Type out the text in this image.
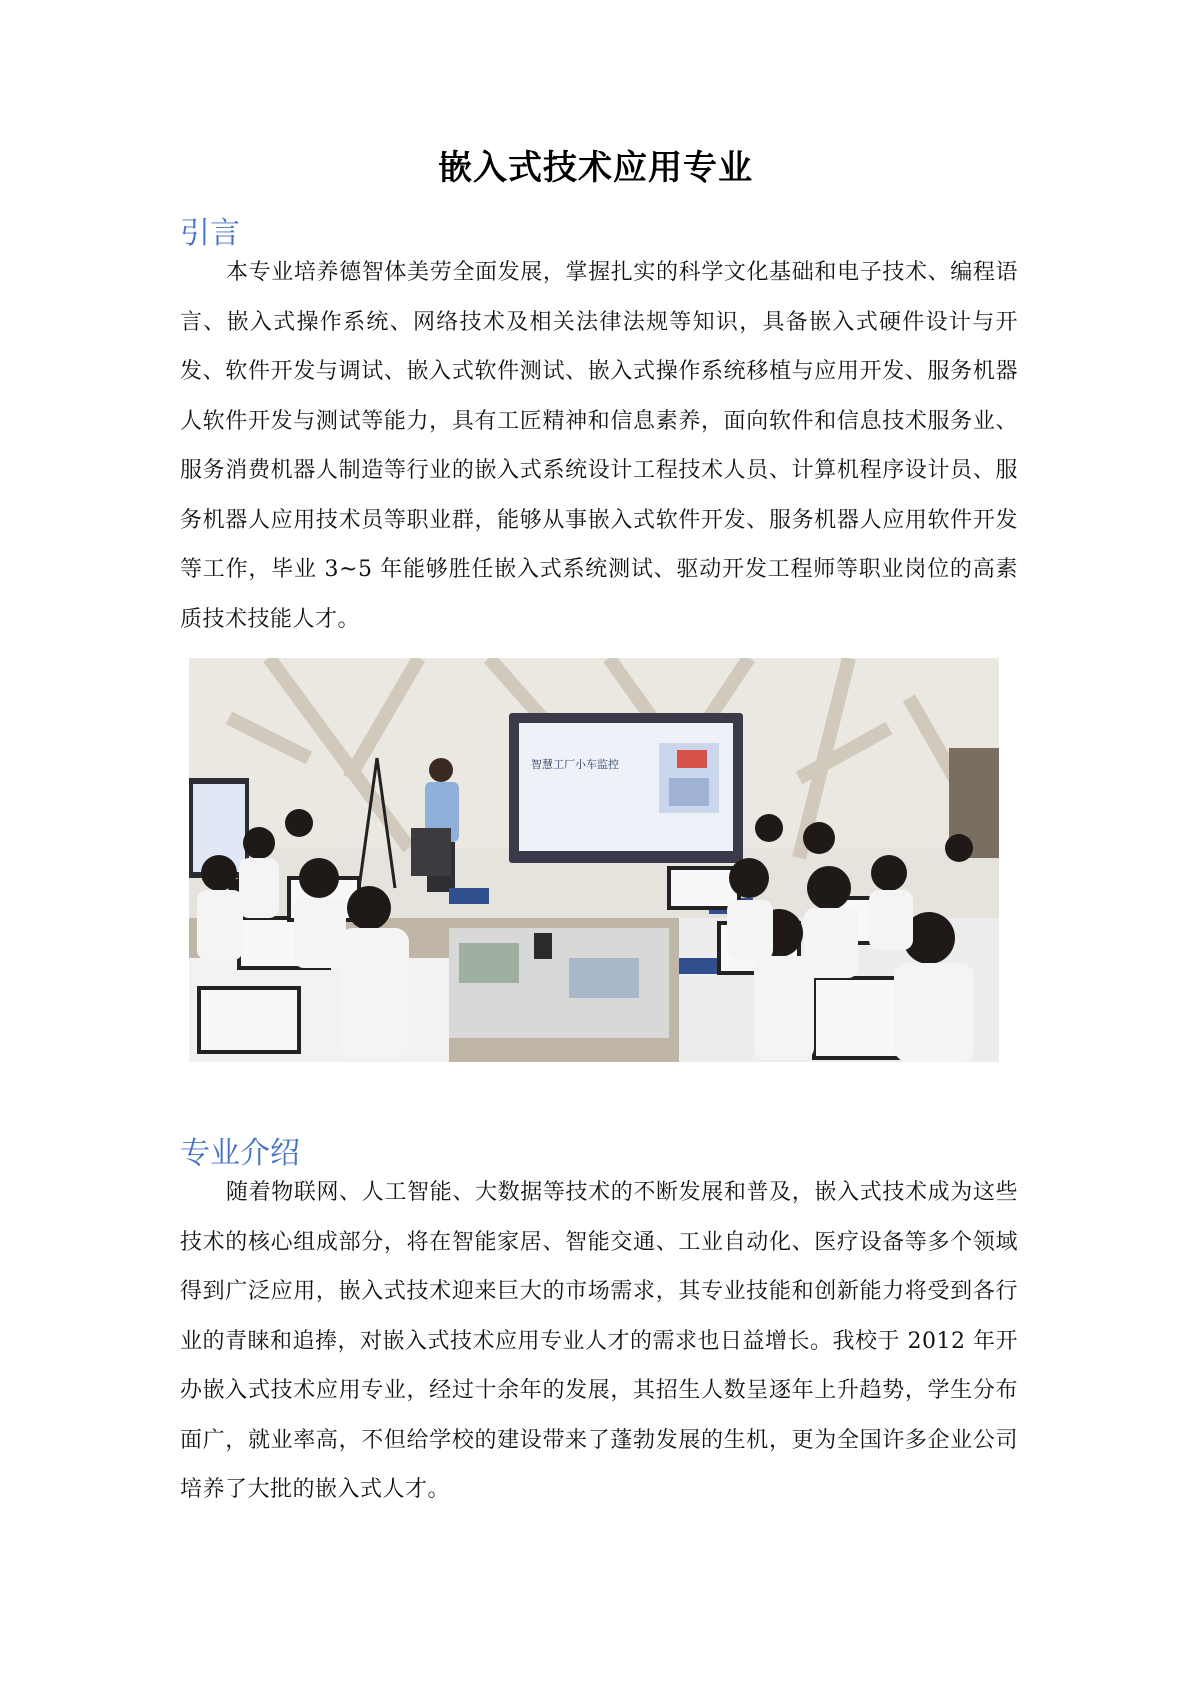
嵌入式技术应用专业
引言

本专业培养德智体美劳全面发展，掌握扎实的科学文化基础和电子技术、编程语言、嵌入式操作系统、网络技术及相关法律法规等知识，具备嵌入式硬件设计与开发、软件开发与调试、嵌入式软件测试、嵌入式操作系统移植与应用开发、服务机器人软件开发与测试等能力，具有工匠精神和信息素养，面向软件和信息技术服务业、服务消费机器人制造等行业的嵌入式系统设计工程技术人员、计算机程序设计员、服务机器人应用技术员等职业群，能够从事嵌入式软件开发、服务机器人应用软件开发等工作，毕业 3~5 年能够胜任嵌入式系统测试、驱动开发工程师等职业岗位的高素质技术技能人才。

智慧工厂小车监控
专业介绍

随着物联网、人工智能、大数据等技术的不断发展和普及，嵌入式技术成为这些技术的核心组成部分，将在智能家居、智能交通、工业自动化、医疗设备等多个领域得到广泛应用，嵌入式技术迎来巨大的市场需求，其专业技能和创新能力将受到各行业的青睐和追捧，对嵌入式技术应用专业人才的需求也日益增长。我校于 2012 年开办嵌入式技术应用专业，经过十余年的发展，其招生人数呈逐年上升趋势，学生分布面广，就业率高，不但给学校的建设带来了蓬勃发展的生机，更为全国许多企业公司培养了大批的嵌入式人才。
